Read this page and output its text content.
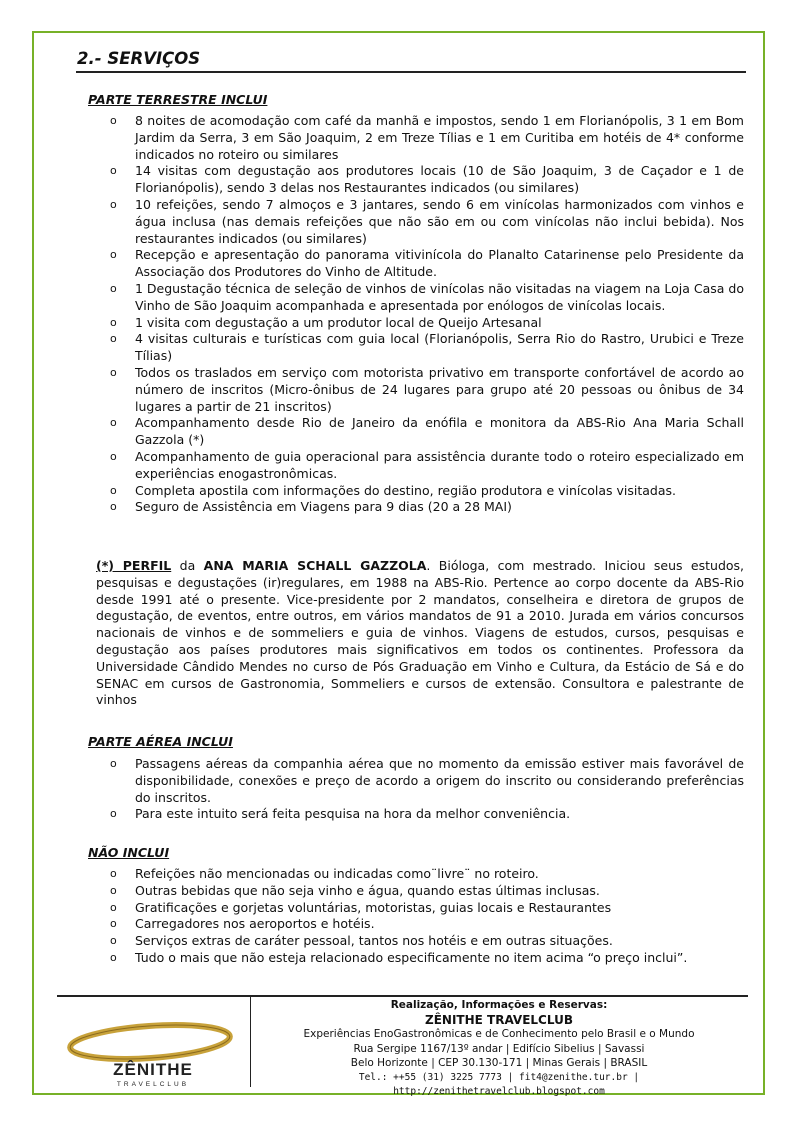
2.- SERVIÇOS
PARTE TERRESTRE INCLUI
o 8 noites de acomodação com café da manhã e impostos, sendo 1 em Florianópolis, 3 1 em Bom Jardim da Serra, 3 em São Joaquim, 2 em Treze Tílias e 1 em Curitiba em hotéis de 4* conforme indicados no roteiro ou similares
o 14 visitas com degustação aos produtores locais (10 de São Joaquim, 3 de Caçador e 1 de Florianópolis), sendo 3 delas nos Restaurantes indicados (ou similares)
o 10 refeições, sendo 7 almoços e 3 jantares, sendo 6 em vinícolas harmonizados com vinhos e água inclusa (nas demais refeições que não são em ou com vinícolas não inclui bebida). Nos restaurantes indicados (ou similares)
o Recepção e apresentação do panorama vitivinícola do Planalto Catarinense pelo Presidente da Associação dos Produtores do Vinho de Altitude.
o 1 Degustação técnica de seleção de vinhos de vinícolas não visitadas na viagem na Loja Casa do Vinho de São Joaquim acompanhada e apresentada por enólogos de vinícolas locais.
o 1 visita com degustação a um produtor local de Queijo Artesanal
o 4 visitas culturais e turísticas com guia local (Florianópolis, Serra Rio do Rastro, Urubici e Treze Tílias)
o Todos os traslados em serviço com motorista privativo em transporte confortável de acordo ao número de inscritos (Micro-ônibus de 24 lugares para grupo até 20 pessoas ou ônibus de 34 lugares a partir de 21 inscritos)
o Acompanhamento desde Rio de Janeiro da enófila e monitora da ABS-Rio Ana Maria Schall Gazzola (*)
o Acompanhamento de guia operacional para assistência durante todo o roteiro especializado em experiências enogastronômicas.
o Completa apostila com informações do destino, região produtora e vinícolas visitadas.
o Seguro de Assistência em Viagens para 9 dias (20 a 28 MAI)

(*) PERFIL da ANA MARIA SCHALL GAZZOLA. Bióloga, com mestrado. Iniciou seus estudos, pesquisas e degustações (ir)regulares, em 1988 na ABS-Rio. Pertence ao corpo docente da ABS-Rio desde 1991 até o presente. Vice-presidente por 2 mandatos, conselheira e diretora de grupos de degustação, de eventos, entre outros, em vários mandatos de 91 a 2010. Jurada em vários concursos nacionais de vinhos e de sommeliers e guia de vinhos. Viagens de estudos, cursos, pesquisas e degustação aos países produtores mais significativos em todos os continentes. Professora da Universidade Cândido Mendes no curso de Pós Graduação em Vinho e Cultura, da Estácio de Sá e do SENAC em cursos de Gastronomia, Sommeliers e cursos de extensão. Consultora e palestrante de vinhos

PARTE AÉREA INCLUI
o Passagens aéreas da companhia aérea que no momento da emissão estiver mais favorável de disponibilidade, conexões e preço de acordo a origem do inscrito ou considerando preferências do inscritos.
o Para este intuito será feita pesquisa na hora da melhor conveniência.
NÃO INCLUI
o Refeições não mencionadas ou indicadas como¨livre¨ no roteiro.
o Outras bebidas que não seja vinho e água, quando estas últimas inclusas.
o Gratificações e gorjetas voluntárias, motoristas, guias locais e Restaurantes
o Carregadores nos aeroportos e hotéis.
o Serviços extras de caráter pessoal, tantos nos hotéis e em outras situações.
o Tudo o mais que não esteja relacionado especificamente no item acima “o preço inclui”.
ZÊNITHE
TRAVELCLUB
Realização, Informações e Reservas:
ZÊNITHE TRAVELCLUB
Experiências EnoGastronômicas e de Conhecimento pelo Brasil e o Mundo
Rua Sergipe 1167/13º andar | Edifício Sibelius | Savassi
Belo Horizonte | CEP 30.130-171 | Minas Gerais | BRASIL
Tel.: ++55 (31) 3225 7773 | fit4@zenithe.tur.br | http://zenithetravelclub.blogspot.com
